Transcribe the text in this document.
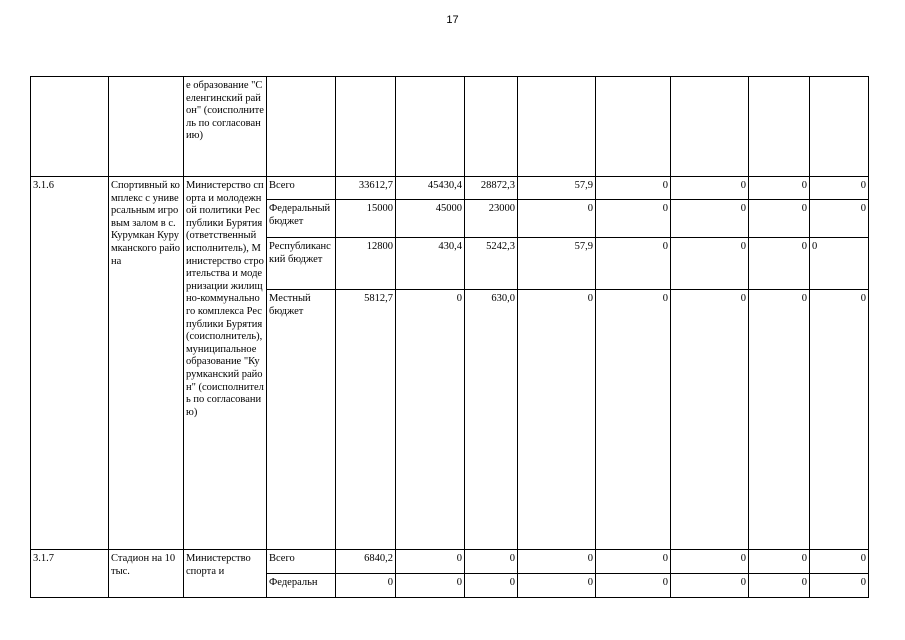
17
		е образование "Селенгинский район" (соисполнитель по согласованию)									
3.1.6	Спортивный комплекс с универсальным игровым залом в с. Курумкан Курумканского района	Министерство спорта и молодежной политики Республики Бурятия (ответственный исполнитель), Министерство строительства и модернизации жилищно-коммунального комплекса Республики Бурятия (соисполнитель), муниципальное образование "Курумканский район" (соисполнитель по согласованию)	Всего	33612,7	45430,4	28872,3	57,9	0	0	0	0
			Федеральный бюджет	15000	45000	23000	0	0	0	0	0
			Республиканский бюджет	12800	430,4	5242,3	57,9	0	0	0	0
			Местный бюджет	5812,7	0	630,0	0	0	0	0	0
3.1.7	Стадион на 10 тыс.	Министерство спорта и	Всего	6840,2	0	0	0	0	0	0	0
			Федеральн	0	0	0	0	0	0	0	0
